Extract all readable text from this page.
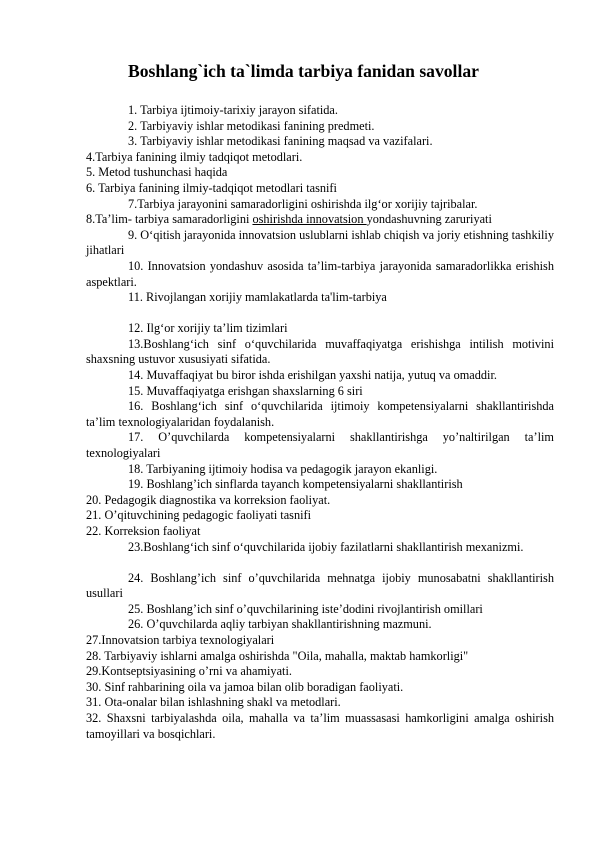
Boshlang`ich ta`limda tarbiya fanidan savollar

1. Tarbiya ijtimoiy-tarixiy jarayon sifatida.

2. Tarbiyaviy ishlar metodikasi fanining predmeti.

3. Tarbiyaviy ishlar metodikasi fanining maqsad va vazifalari.

4.Tarbiya fanining ilmiy tadqiqot metodlari.

5. Metod tushunchasi haqida

6. Tarbiya fanining ilmiy-tadqiqot metodlari tasnifi

7.Tarbiya jarayonini samaradorligini oshirishda ilg‘or xorijiy tajribalar.

8.Ta’lim- tarbiya samaradorligini oshirishda innovatsion yondashuvning zaruriyati

9. O‘qitish jarayonida innovatsion uslublarni ishlab chiqish va joriy etishning tashkiliy jihatlari

10. Innovatsion yondashuv asosida ta’lim-tarbiya jarayonida samaradorlikka erishish aspektlari.

11. Rivojlangan xorijiy mamlakatlarda ta'lim-tarbiya

12. Ilg‘or xorijiy ta’lim tizimlari

13.Boshlang‘ich sinf o‘quvchilarida muvaffaqiyatga erishishga intilish motivini shaxsning ustuvor xususiyati sifatida.

14. Muvaffaqiyat bu biror ishda erishilgan yaxshi natija, yutuq va omaddir.

15. Muvaffaqiyatga erishgan shaxslarning 6 siri

16. Boshlang‘ich sinf o‘quvchilarida ijtimoiy kompetensiyalarni shakllantirishda ta’lim texnologiyalaridan foydalanish.

17. O’quvchilarda kompetensiyalarni shakllantirishga yo’naltirilgan ta’lim texnologiyalari

18. Tarbiyaning ijtimoiy hodisa va pedagogik jarayon ekanligi.

19. Boshlang’ich sinflarda tayanch kompetensiyalarni shakllantirish

20. Pedagogik diagnostika va korreksion faoliyat.

21. O’qituvchining pedagogic faoliyati tasnifi

22. Korreksion faoliyat

23.Boshlang‘ich sinf o‘quvchilarida ijobiy fazilatlarni shakllantirish mexanizmi.

24. Boshlang’ich sinf o’quvchilarida mehnatga ijobiy munosabatni shakllantirish usullari

25. Boshlang’ich sinf o’quvchilarining iste’dodini rivojlantirish omillari

26. O’quvchilarda aqliy tarbiyan shakllantirishning mazmuni.

27.Innovatsion tarbiya texnologiyalari

28. Tarbiyaviy ishlarni amalga oshirishda "Oila, mahalla, maktab hamkorligi"

29.Kontseptsiyasining o’rni va ahamiyati.

30. Sinf rahbarining oila va jamoa bilan olib boradigan faoliyati.

31. Ota-onalar bilan ishlashning shakl va metodlari.

32. Shaxsni tarbiyalashda oila, mahalla va ta’lim muassasasi hamkorligini amalga oshirish tamoyillari va bosqichlari.
